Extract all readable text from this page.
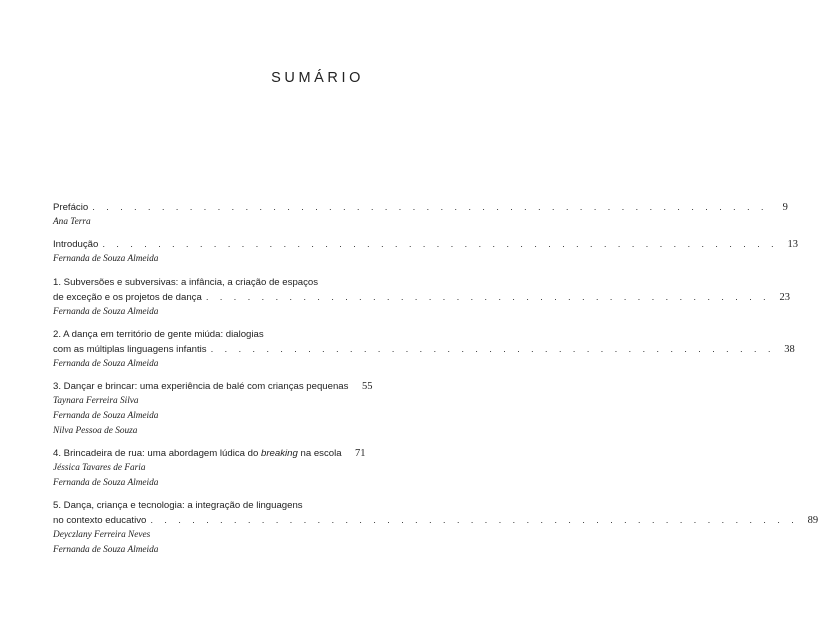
SUMÁRIO
Prefácio . . . . . . . . . . . . . . . . . . . . . . . . . . . . . . . . . . . . . . . . . . . . . . . . .	9
Ana Terra
Introdução . . . . . . . . . . . . . . . . . . . . . . . . . . . . . . . . . . . . . . . . . . . . . . . . . 13
Fernanda de Souza Almeida
1. Subversões e subversivas: a infância, a criação de espaços
de exceção e os projetos de dança . . . . . . . . . . . . . . . . . . . . . . . . . . . . . . . . . . . . . . . . . 23
Fernanda de Souza Almeida
2. A dança em território de gente miúda: dialogias
com as múltiplas linguagens infantis . . . . . . . . . . . . . . . . . . . . . . . . . . . . . . . . . . . . . . . . . 38
Fernanda de Souza Almeida
3. Dançar e brincar: uma experiência de balé com crianças pequenas	55
Taynara Ferreira Silva
Fernanda de Souza Almeida
Nilva Pessoa de Souza
4. Brincadeira de rua: uma abordagem lúdica do breaking na escola	71
Jéssica Tavares de Faria
Fernanda de Souza Almeida
5. Dança, criança e tecnologia: a integração de linguagens
no contexto educativo . . . . . . . . . . . . . . . . . . . . . . . . . . . . . . . . . . . . . . . . . . . . . . . 89
Deyczlany Ferreira Neves
Fernanda de Souza Almeida
